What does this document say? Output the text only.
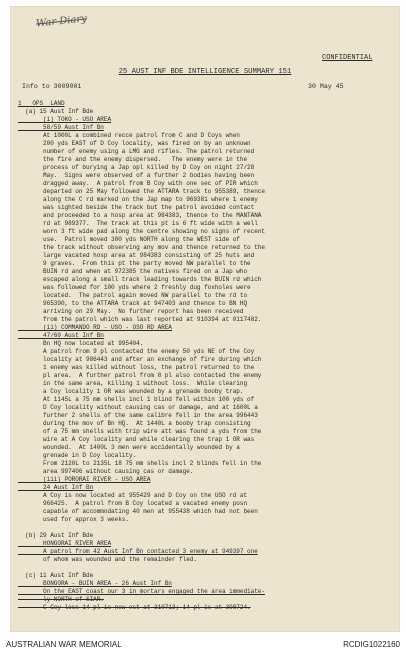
War Diary
CONFIDENTIAL
25 AUST INF BDE INTELLIGENCE SUMMARY 151
Info to 3009001	30 May 45
1   OPS  LAND
(a) 15 Aust Inf Bde
(i) TOKO - USO AREA
58/59 Aust Inf Bn
At 1000L a combined recce patrol from C and D Coys when
200 yds EAST of D Coy locality, was fired on by an unknown
number of enemy using a LMG and rifles. The patrol returned
the fire and the enemy dispersed.   The enemy were in the
process of burying a Jap opl killed by D Coy on night 27/28
May.  Signs were observed of a further 2 bodies having been
dragged away.  A patrol from B Coy with one sec of PIR which
departed on 25 May followed the ATTARA track to 955389, thence
along the C rd marked on the Jap map to 969381 where 1 enemy
was sighted beside the track but the patrol avoided contact
and proceeded to a hosp area at 984383, thence to the MANTANA
rd at 989377.  The track at this pt is 6 ft wide with a well
worn 3 ft wide pad along the centre showing no signs of recent
use.  Patrol moved 300 yds NORTH along the WEST side of
the track without observing any mov and thence returned to the
large vacated hosp area at 984383 consisting of 25 huts and
9 graves.  From this pt the party moved NW parallel to the
BUIN rd and when at 972385 the natives fired on a Jap who
escaped along a small track leading towards the BUIN rd which
was followed for 100 yds where 2 freshly dug foxholes were
located.  The patrol again moved NW parallel to the rd to
965390, to the ATTARA track at 947403 and thence to BN HQ
arriving on 29 May.  No further report has been received
from the patrol which was last reported at 910394 at 0117482.
(ii) COMMANDO RD - USO - OSO RD AREA
47/60 Aust Inf Bn
Bn HQ now located at 995404.
A patrol from 9 pl contacted the enemy 50 yds NE of the Coy
locality at 986443 and after an exchange of fire during which
1 enemy was killed without loss, the patrol returned to the
pl area.  A further patrol from 8 pl also contacted the enemy
in the same area, killing 1 without loss.  While clearing
a Coy locality 1 OR was wounded by a grenade booby trap.
At 1145L a 75 mm shells incl 1 blind fell within 100 yds of
D Coy locality without causing cas or damage, and at 1600L a
further 2 shells of the same calibre fell in the area 996443
during the mov of Bn HQ.  At 1440L a booby trap consisting
of a 75 mm shells with trip wire att was found a yds from the
wire at A Coy locality and while clearing the trap 1 OR was
wounded.  At 1400L 3 men were accidentally wounded by a
grenade in D Coy locality.
From 2120L to 2135L 18 75 mm shells incl 2 blinds fell in the
area 997406 without causing cas or damage.
(iii) PORORAI RIVER - USO AREA
24 Aust Inf Bn
A Coy is now located at 955429 and D Coy on the USO rd at
966425.  A patrol from B Coy located a vacated enemy posn
capable of accommodating 40 men at 955438 which had not been
used for approx 3 weeks.
(b) 29 Aust Inf Bde
HONGORAI RIVER AREA
A patrol from 42 Aust Inf Bn contacted 3 enemy at 949397 one
of whom was wounded and the remainder fled.
(c) 11 Aust Inf Bde
BONGORA - BUIN AREA - 26 Aust Inf Bn
On the EAST coast our 3 in mortars engaged the area immediate-
ly NORTH of SIAR.
C Coy loss 14 pl is now est at 310713; 14 pl is at 308724.
AUSTRALIAN WAR MEMORIAL	RCDIG1022160
